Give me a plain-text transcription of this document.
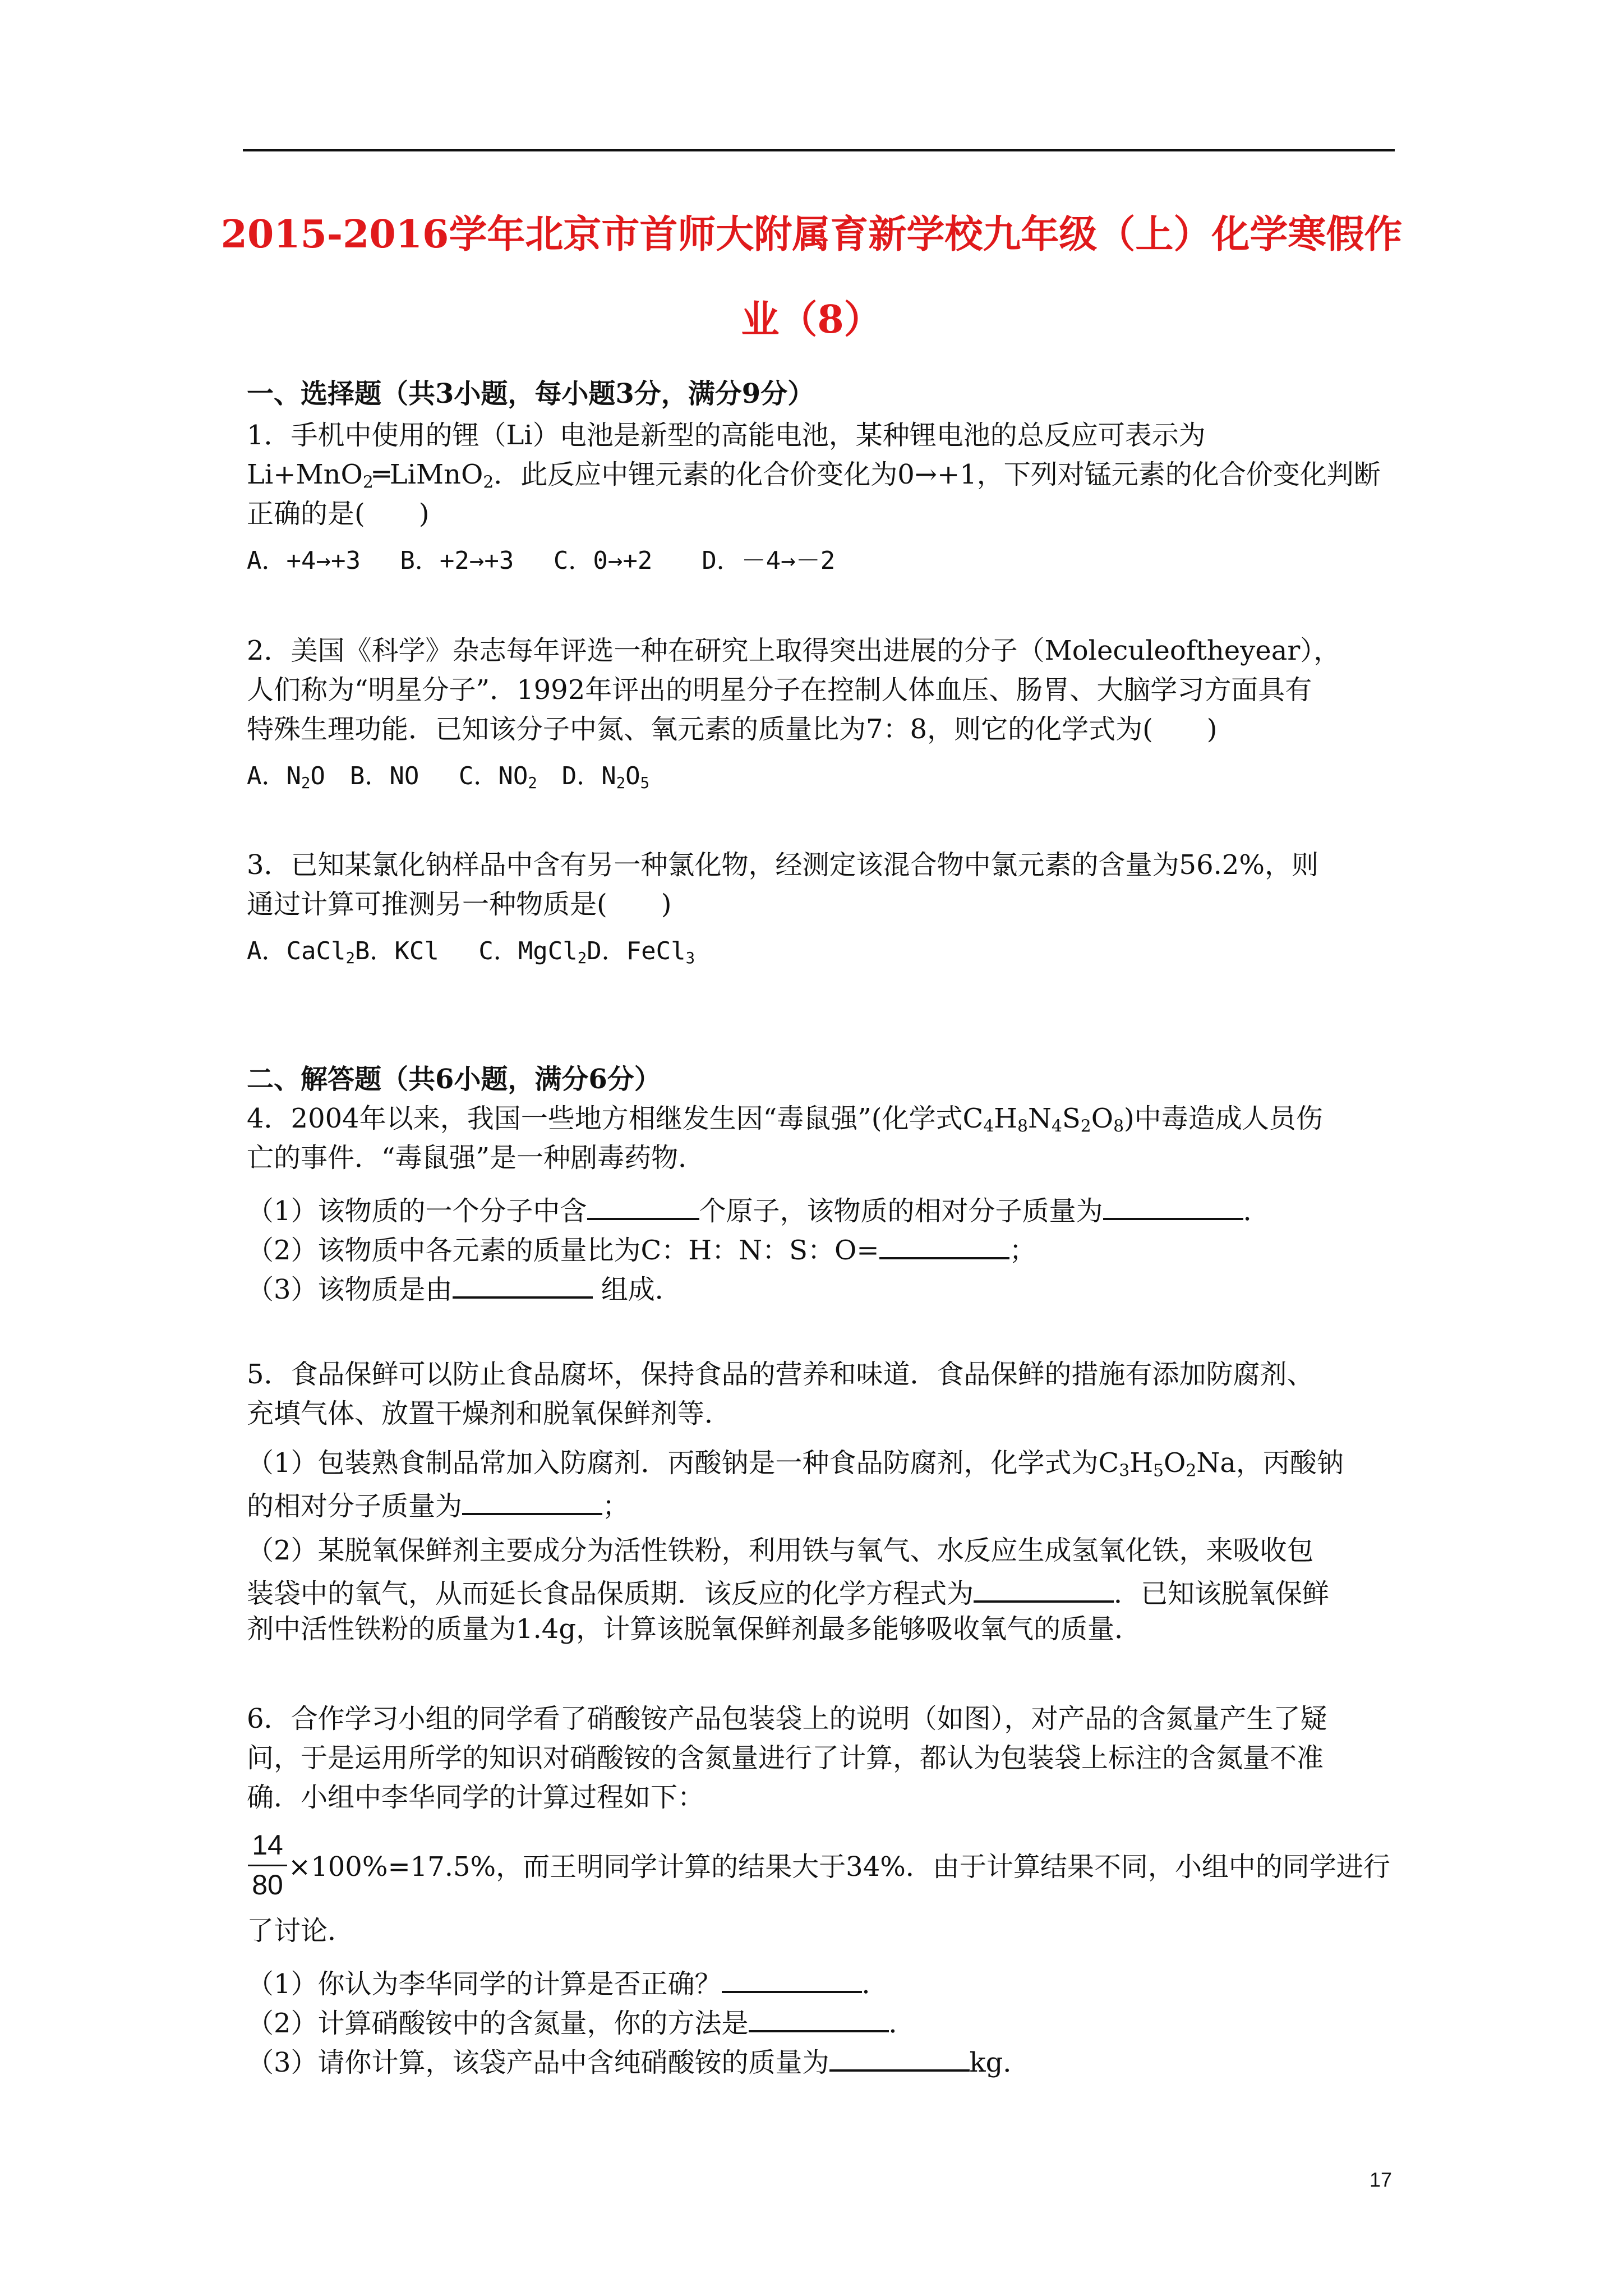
2015-2016学年北京市首师大附属育新学校九年级（上）化学寒假作
业（8）
一、选择题（共3小题，每小题3分，满分9分）
1．手机中使用的锂（Li）电池是新型的高能电池，某种锂电池的总反应可表示为
Li+MnO$_2$═LiMnO$_2$．此反应中锂元素的化合价变化为0→+1，下列对锰元素的化合价变化判断
正确的是(　　)
A．+4→+3　 B．+2→+3　 C．0→+2　　D．－4→－2
2．美国《科学》杂志每年评选一种在研究上取得突出进展的分子（Moleculeoftheyear），
人们称为“明星分子”．1992年评出的明星分子在控制人体血压、肠胃、大脑学习方面具有
特殊生理功能．已知该分子中氮、氧元素的质量比为7：8，则它的化学式为(　　)
A．$N_2O$　B．NO　 C．$NO_2$　D．$N_2O_5$
3．已知某氯化钠样品中含有另一种氯化物，经测定该混合物中氯元素的含量为56.2%，则
通过计算可推测另一种物质是(　　)
A．CaCl$_2$B．KCl　 C．MgCl$_2$D．FeCl$_3$
二、解答题（共6小题，满分6分）
4．2004年以来，我国一些地方相继发生因“毒鼠强”(化学式$C_4H_8N_4S_2O_8$)中毒造成人员伤
亡的事件．“毒鼠强”是一种剧毒药物．
（1）该物质的一个分子中含	个原子，该物质的相对分子质量为	．
（2）该物质中各元素的质量比为C：H：N：S：O=	；
（3）该物质是由	组成．
5．食品保鲜可以防止食品腐坏，保持食品的营养和味道．食品保鲜的措施有添加防腐剂、
充填气体、放置干燥剂和脱氧保鲜剂等．
（1）包装熟食制品常加入防腐剂．丙酸钠是一种食品防腐剂，化学式为$C_3H_5O_2Na$，丙酸钠
的相对分子质量为	；
（2）某脱氧保鲜剂主要成分为活性铁粉，利用铁与氧气、水反应生成氢氧化铁，来吸收包
装袋中的氧气，从而延长食品保质期．该反应的化学方程式为	．已知该脱氧保鲜
剂中活性铁粉的质量为1.4g，计算该脱氧保鲜剂最多能够吸收氧气的质量．
6．合作学习小组的同学看了硝酸铵产品包装袋上的说明（如图），对产品的含氮量产生了疑
问，于是运用所学的知识对硝酸铵的含氮量进行了计算，都认为包装袋上标注的含氮量不准
确．小组中李华同学的计算过程如下：
14
80
×100%=17.5%，而王明同学计算的结果大于34%．由于计算结果不同，小组中的同学进行
了讨论．
（1）你认为李华同学的计算是否正确？	．
（2）计算硝酸铵中的含氮量，你的方法是	．
（3）请你计算，该袋产品中含纯硝酸铵的质量为	kg．
17
